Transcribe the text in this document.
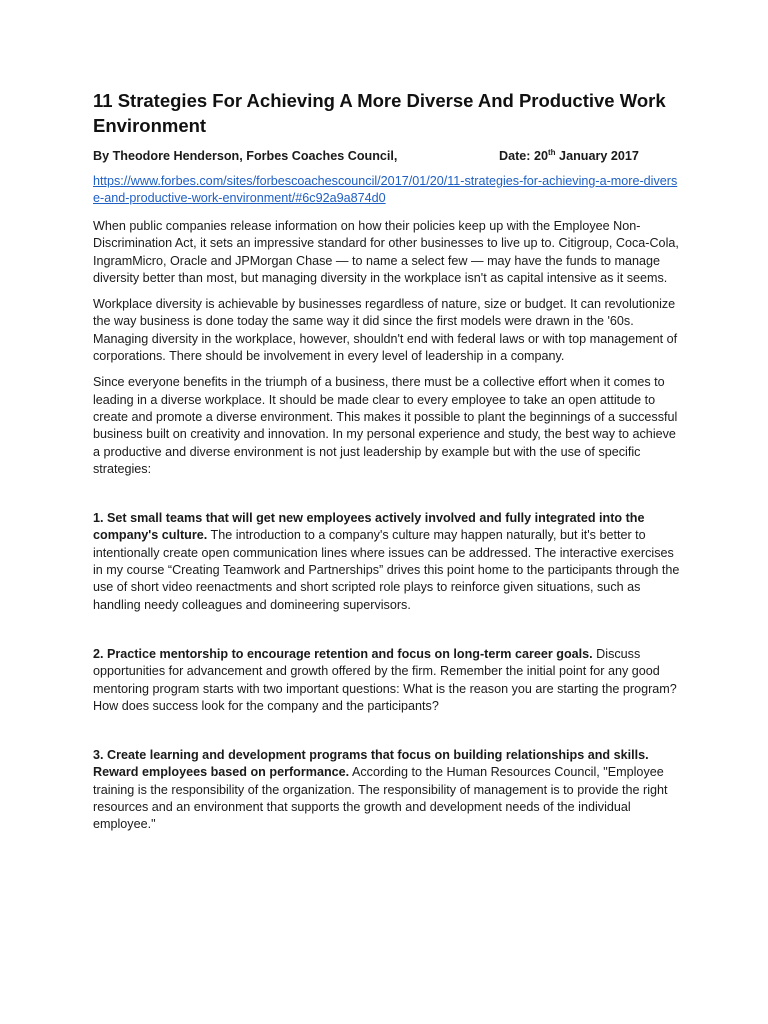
11 Strategies For Achieving A More Diverse And Productive Work Environment
By Theodore Henderson, Forbes Coaches Council,	Date: 20th January 2017
https://www.forbes.com/sites/forbescoachescouncil/2017/01/20/11-strategies-for-achieving-a-more-diverse-and-productive-work-environment/#6c92a9a874d0

When public companies release information on how their policies keep up with the Employee Non-Discrimination Act, it sets an impressive standard for other businesses to live up to. Citigroup, Coca-Cola, IngramMicro, Oracle and JPMorgan Chase — to name a select few — may have the funds to manage diversity better than most, but managing diversity in the workplace isn't as capital intensive as it seems.

Workplace diversity is achievable by businesses regardless of nature, size or budget. It can revolutionize the way business is done today the same way it did since the first models were drawn in the '60s. Managing diversity in the workplace, however, shouldn't end with federal laws or with top management of corporations. There should be involvement in every level of leadership in a company.

Since everyone benefits in the triumph of a business, there must be a collective effort when it comes to leading in a diverse workplace. It should be made clear to every employee to take an open attitude to create and promote a diverse environment. This makes it possible to plant the beginnings of a successful business built on creativity and innovation. In my personal experience and study, the best way to achieve a productive and diverse environment is not just leadership by example but with the use of specific strategies:

1. Set small teams that will get new employees actively involved and fully integrated into the company's culture. The introduction to a company's culture may happen naturally, but it's better to intentionally create open communication lines where issues can be addressed. The interactive exercises in my course “Creating Teamwork and Partnerships” drives this point home to the participants through the use of short video reenactments and short scripted role plays to reinforce given situations, such as handling needy colleagues and domineering supervisors.

2. Practice mentorship to encourage retention and focus on long-term career goals. Discuss opportunities for advancement and growth offered by the firm. Remember the initial point for any good mentoring program starts with two important questions: What is the reason you are starting the program? How does success look for the company and the participants?

3. Create learning and development programs that focus on building relationships and skills. Reward employees based on performance. According to the Human Resources Council, "Employee training is the responsibility of the organization. The responsibility of management is to provide the right resources and an environment that supports the growth and development needs of the individual employee."
